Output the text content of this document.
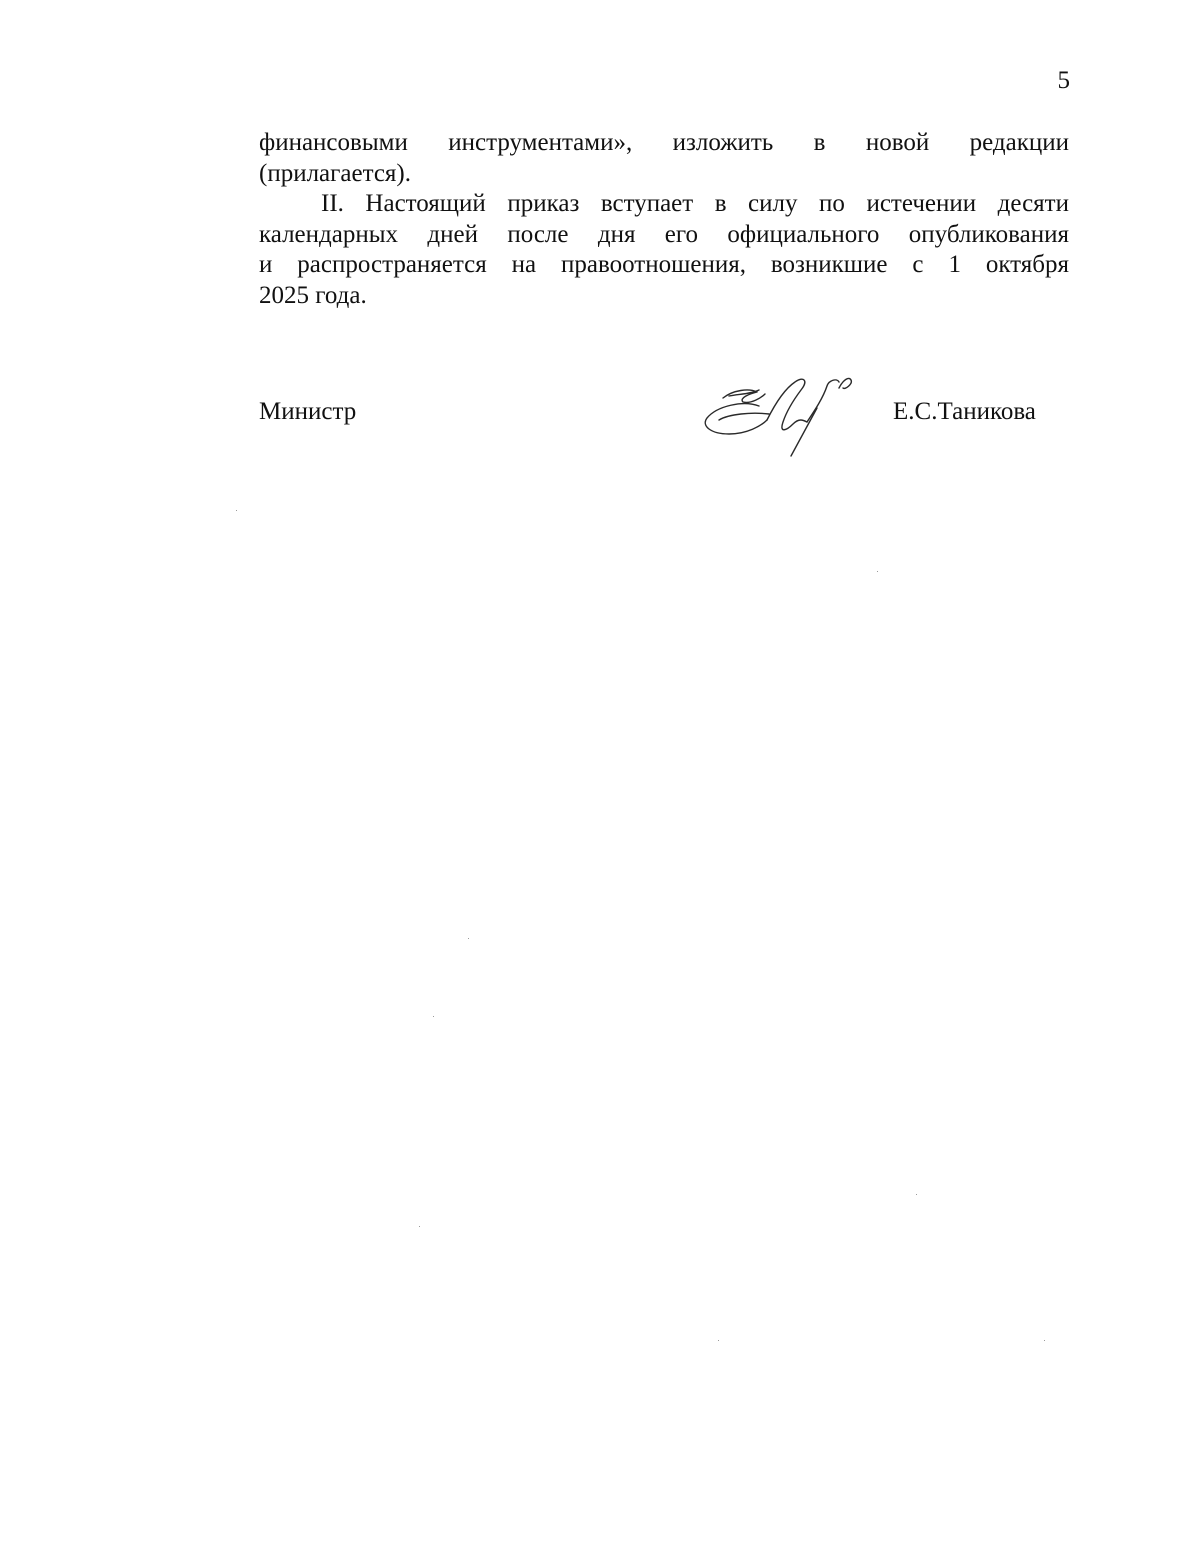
5
финансовыми инструментами», изложить в новой редакции
(прилагается).
II. Настоящий приказ вступает в силу по истечении десяти
календарных дней после дня его официального опубликования
и распространяется на правоотношения, возникшие с 1 октября
2025 года.
Министр	Е.С.Таникова
